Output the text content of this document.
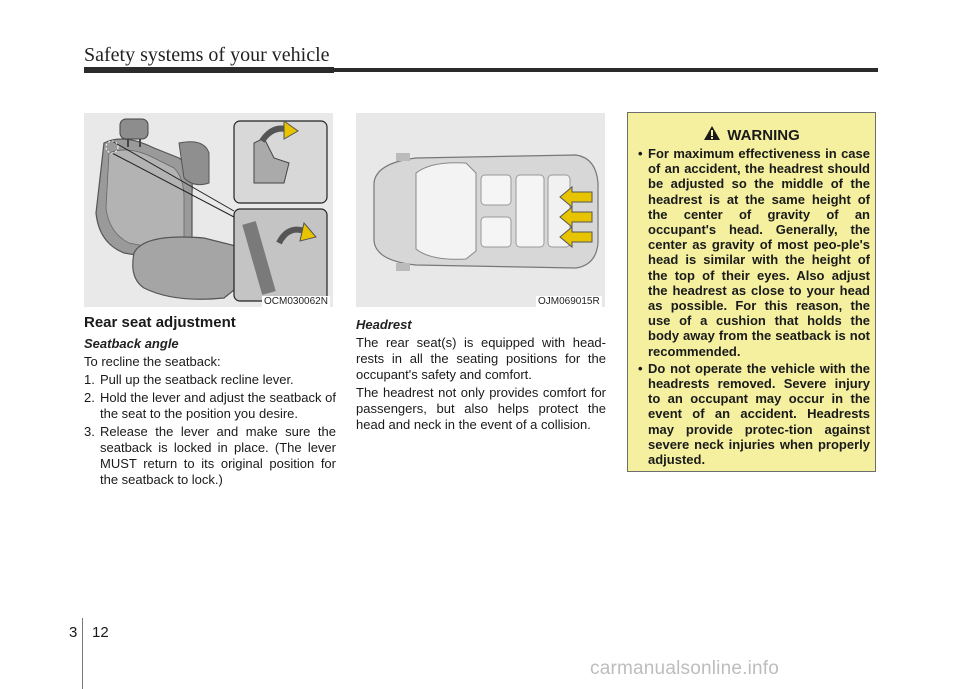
Safety systems of your vehicle
OCM030062N	OJM069015R
Rear seat adjustment
Seatback angle

To recline the seatback:

1. Pull up the seatback recline lever.
2. Hold the lever and adjust the seatback of the seat to the position you desire.
3. Release the lever and make sure the seatback is locked in place. (The lever MUST return to its original position for the seatback to lock.)
Headrest

The rear seat(s) is equipped with head-rests in all the seating positions for the occupant's safety and comfort.

The headrest not only provides comfort for passengers, but also helps protect the head and neck in the event of a collision.

WARNING
• For maximum effectiveness in case of an accident, the headrest should be adjusted so the middle of the headrest is at the same height of the center of gravity of an occupant's head. Generally, the center as gravity of most peo-ple's head is similar with the height of the top of their eyes. Also adjust the headrest as close to your head as possible. For this reason, the use of a cushion that holds the body away from the seatback is not recommended.
• Do not operate the vehicle with the headrests removed. Severe injury to an occupant may occur in the event of an accident. Headrests may provide protec-tion against severe neck injuries when properly adjusted.
3 12
carmanualsonline.info
